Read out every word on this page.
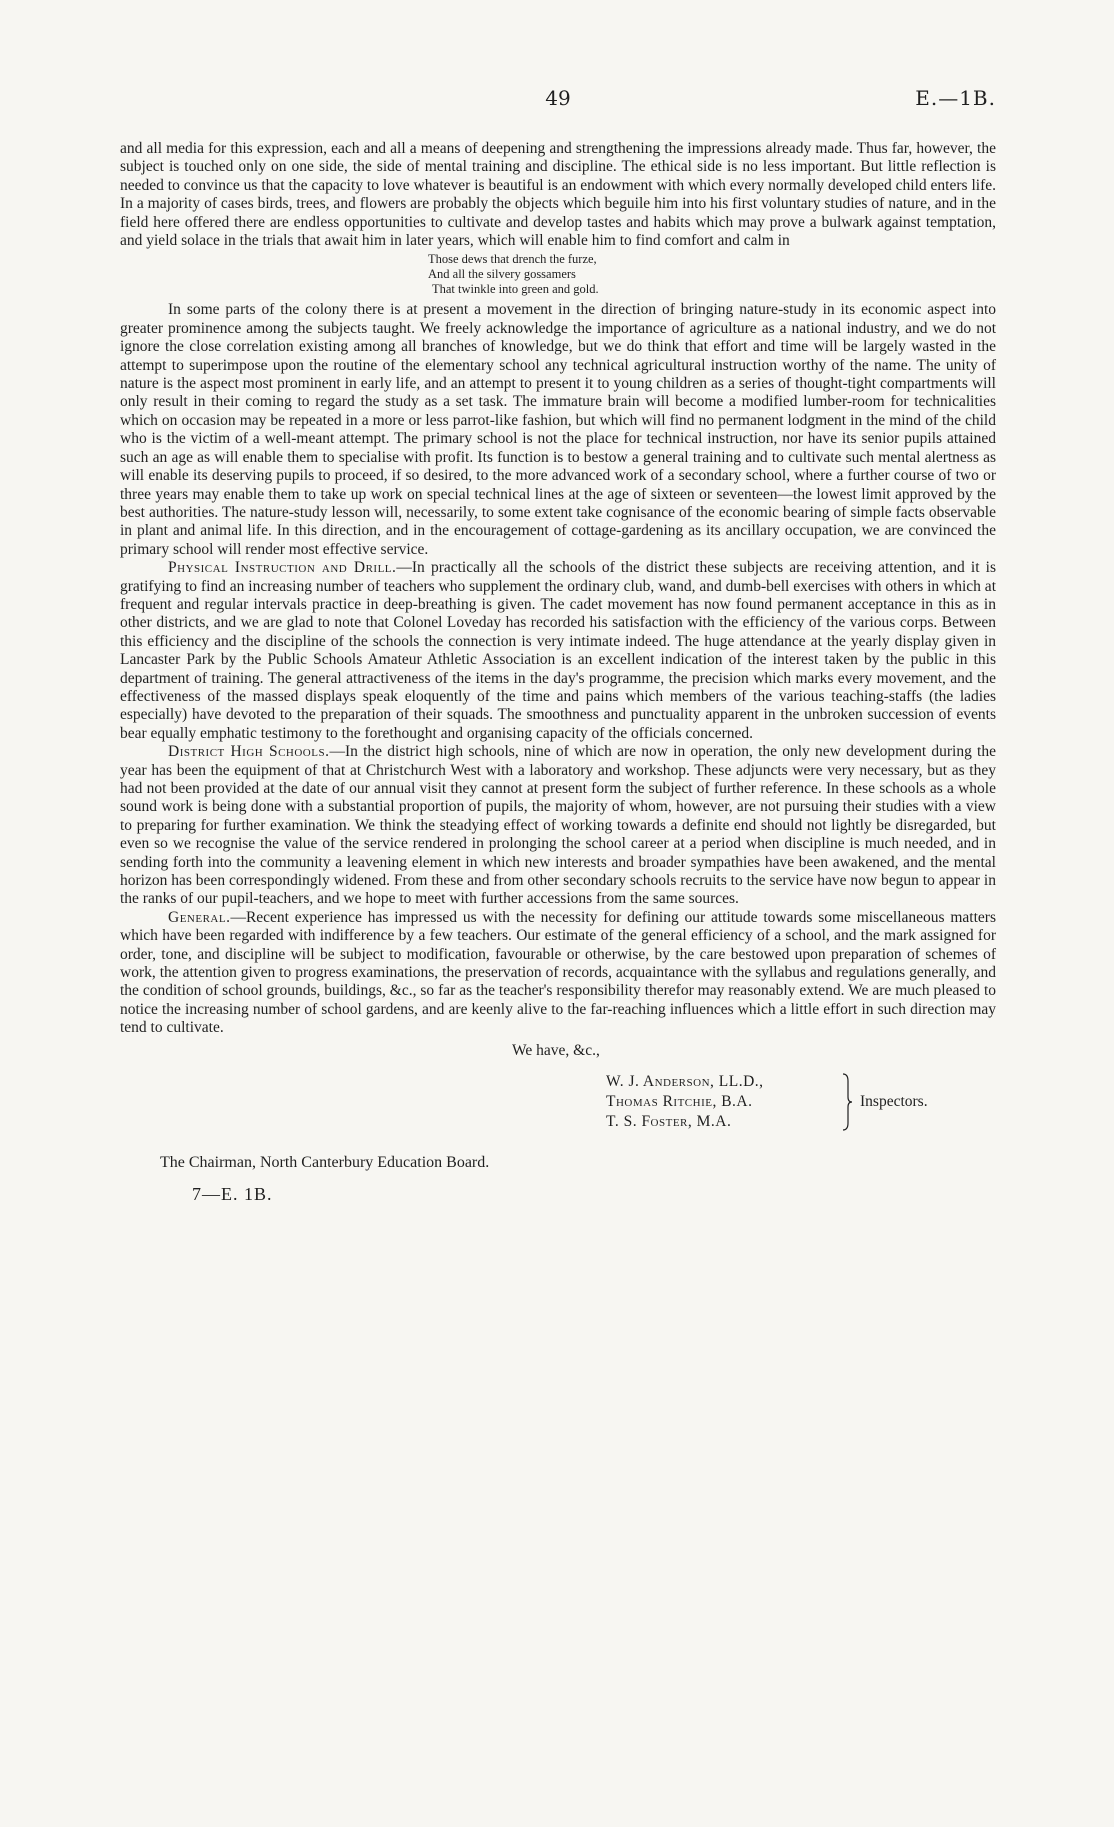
49	E.—1B.

and all media for this expression, each and all a means of deepening and strengthening the impressions already made. Thus far, however, the subject is touched only on one side, the side of mental training and discipline. The ethical side is no less important. But little reflection is needed to convince us that the capacity to love whatever is beautiful is an endowment with which every normally developed child enters life. In a majority of cases birds, trees, and flowers are probably the objects which beguile him into his first voluntary studies of nature, and in the field here offered there are endless opportunities to cultivate and develop tastes and habits which may prove a bulwark against temptation, and yield solace in the trials that await him in later years, which will enable him to find comfort and calm in

Those dews that drench the furze,
And all the silvery gossamers
That twinkle into green and gold.

In some parts of the colony there is at present a movement in the direction of bringing nature-study in its economic aspect into greater prominence among the subjects taught. We freely acknowledge the importance of agriculture as a national industry, and we do not ignore the close correlation existing among all branches of knowledge, but we do think that effort and time will be largely wasted in the attempt to superimpose upon the routine of the elementary school any technical agricultural instruction worthy of the name. The unity of nature is the aspect most prominent in early life, and an attempt to present it to young children as a series of thought-tight compartments will only result in their coming to regard the study as a set task. The immature brain will become a modified lumber-room for technicalities which on occasion may be repeated in a more or less parrot-like fashion, but which will find no permanent lodgment in the mind of the child who is the victim of a well-meant attempt. The primary school is not the place for technical instruction, nor have its senior pupils attained such an age as will enable them to specialise with profit. Its function is to bestow a general training and to cultivate such mental alertness as will enable its deserving pupils to proceed, if so desired, to the more advanced work of a secondary school, where a further course of two or three years may enable them to take up work on special technical lines at the age of sixteen or seventeen—the lowest limit approved by the best authorities. The nature-study lesson will, necessarily, to some extent take cognisance of the economic bearing of simple facts observable in plant and animal life. In this direction, and in the encouragement of cottage-gardening as its ancillary occupation, we are convinced the primary school will render most effective service.

Physical Instruction and Drill.—In practically all the schools of the district these subjects are receiving attention, and it is gratifying to find an increasing number of teachers who supplement the ordinary club, wand, and dumb-bell exercises with others in which at frequent and regular intervals practice in deep-breathing is given. The cadet movement has now found permanent acceptance in this as in other districts, and we are glad to note that Colonel Loveday has recorded his satisfaction with the efficiency of the various corps. Between this efficiency and the discipline of the schools the connection is very intimate indeed. The huge attendance at the yearly display given in Lancaster Park by the Public Schools Amateur Athletic Association is an excellent indication of the interest taken by the public in this department of training. The general attractiveness of the items in the day's programme, the precision which marks every movement, and the effectiveness of the massed displays speak eloquently of the time and pains which members of the various teaching-staffs (the ladies especially) have devoted to the preparation of their squads. The smoothness and punctuality apparent in the unbroken succession of events bear equally emphatic testimony to the forethought and organising capacity of the officials concerned.

District High Schools.—In the district high schools, nine of which are now in operation, the only new development during the year has been the equipment of that at Christchurch West with a laboratory and workshop. These adjuncts were very necessary, but as they had not been provided at the date of our annual visit they cannot at present form the subject of further reference. In these schools as a whole sound work is being done with a substantial proportion of pupils, the majority of whom, however, are not pursuing their studies with a view to preparing for further examination. We think the steadying effect of working towards a definite end should not lightly be disregarded, but even so we recognise the value of the service rendered in prolonging the school career at a period when discipline is much needed, and in sending forth into the community a leavening element in which new interests and broader sympathies have been awakened, and the mental horizon has been correspondingly widened. From these and from other secondary schools recruits to the service have now begun to appear in the ranks of our pupil-teachers, and we hope to meet with further accessions from the same sources.

General.—Recent experience has impressed us with the necessity for defining our attitude towards some miscellaneous matters which have been regarded with indifference by a few teachers. Our estimate of the general efficiency of a school, and the mark assigned for order, tone, and discipline will be subject to modification, favourable or otherwise, by the care bestowed upon preparation of schemes of work, the attention given to progress examinations, the preservation of records, acquaintance with the syllabus and regulations generally, and the condition of school grounds, buildings, &c., so far as the teacher's responsibility therefor may reasonably extend. We are much pleased to notice the increasing number of school gardens, and are keenly alive to the far-reaching influences which a little effort in such direction may tend to cultivate.

We have, &c.,
W. J. Anderson, LL.D.,
Thomas Ritchie, B.A.
T. S. Foster, M.A.
Inspectors.
The Chairman, North Canterbury Education Board.
7—E. 1B.
